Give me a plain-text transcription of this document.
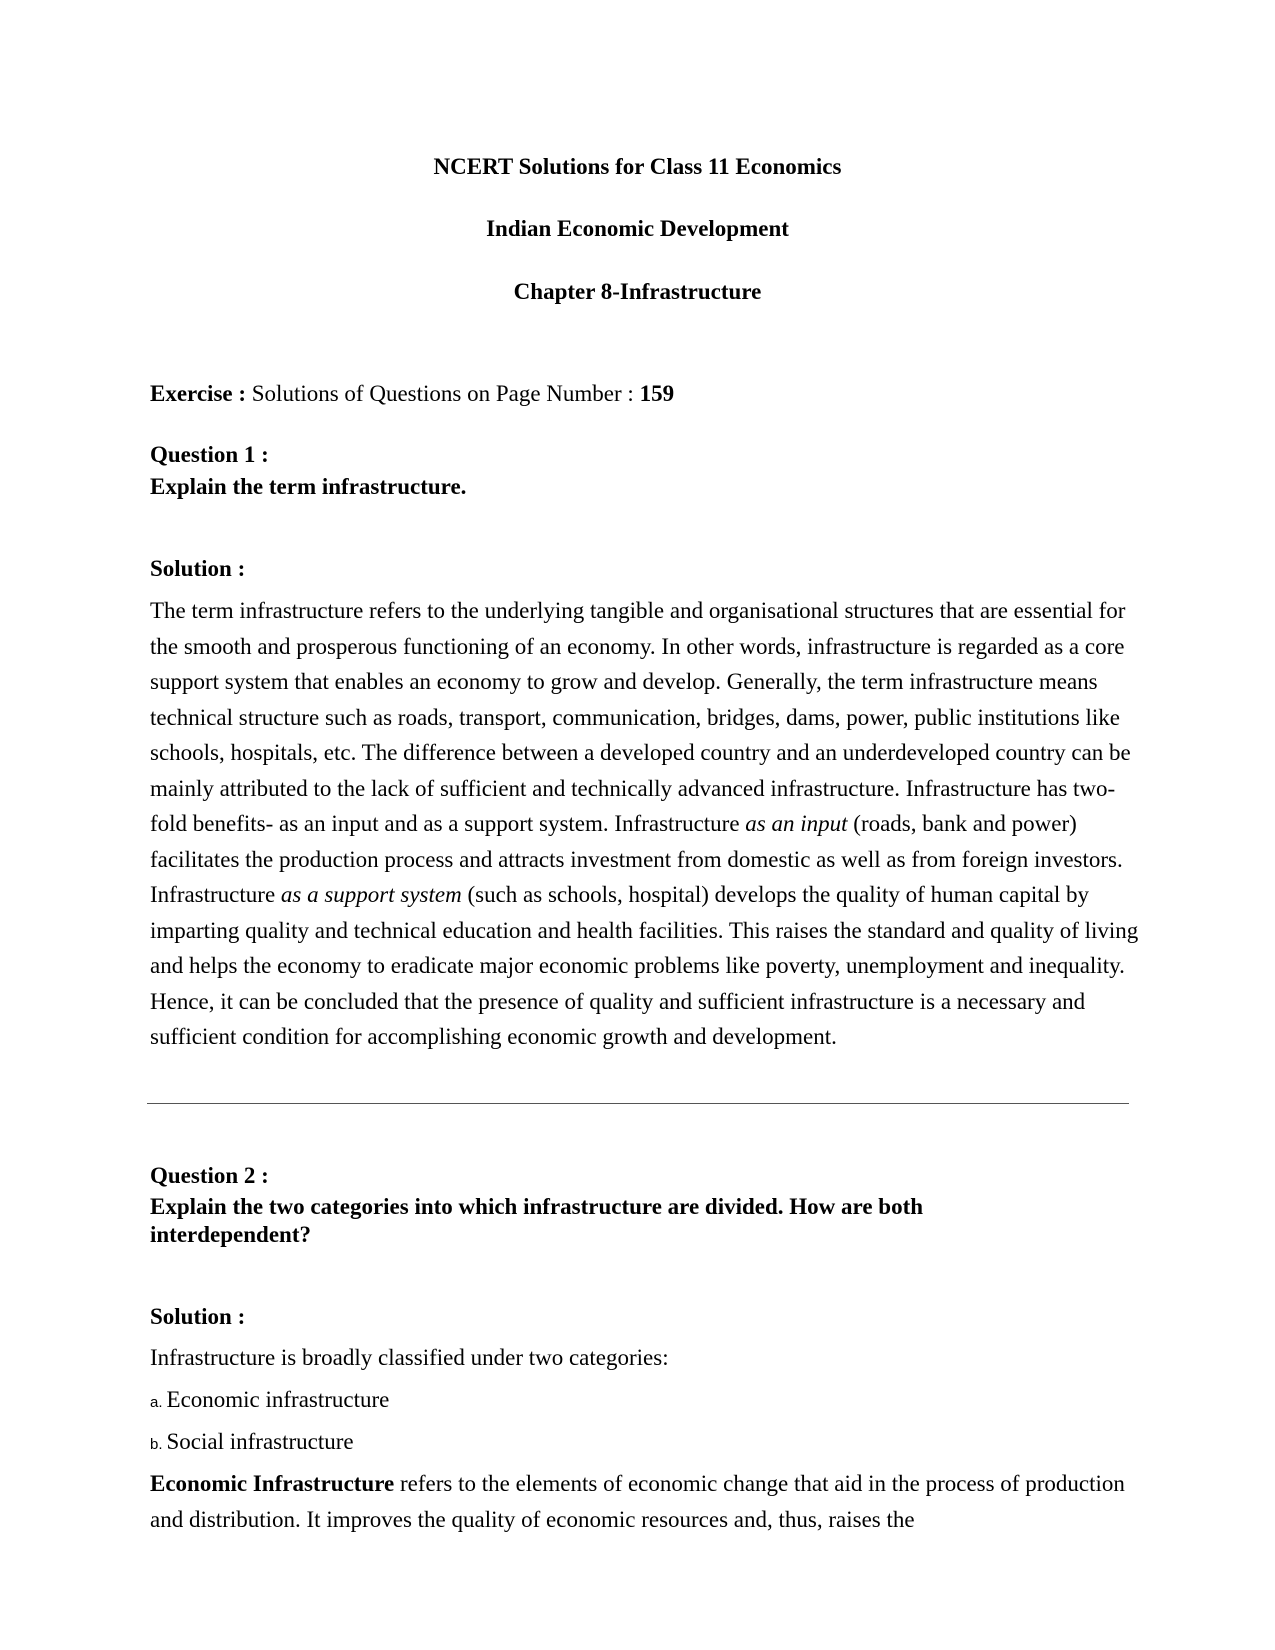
NCERT Solutions for Class 11 Economics
Indian Economic Development
Chapter 8-Infrastructure
Exercise : Solutions of Questions on Page Number : 159
Question 1 :
Explain the term infrastructure.
Solution :
The term infrastructure refers to the underlying tangible and organisational structures that are essential for the smooth and prosperous functioning of an economy. In other words, infrastructure is regarded as a core support system that enables an economy to grow and develop. Generally, the term infrastructure means technical structure such as roads, transport, communication, bridges, dams, power, public institutions like schools, hospitals, etc. The difference between a developed country and an underdeveloped country can be mainly attributed to the lack of sufficient and technically advanced infrastructure. Infrastructure has two-fold benefits- as an input and as a support system. Infrastructure as an input (roads, bank and power) facilitates the production process and attracts investment from domestic as well as from foreign investors. Infrastructure as a support system (such as schools, hospital) develops the quality of human capital by imparting quality and technical education and health facilities. This raises the standard and quality of living and helps the economy to eradicate major economic problems like poverty, unemployment and inequality. Hence, it can be concluded that the presence of quality and sufficient infrastructure is a necessary and sufficient condition for accomplishing economic growth and development.
Question 2 :
Explain the two categories into which infrastructure are divided. How are both interdependent?
Solution :
Infrastructure is broadly classified under two categories:
a. Economic infrastructure
b. Social infrastructure
Economic Infrastructure refers to the elements of economic change that aid in the process of production and distribution. It improves the quality of economic resources and, thus, raises the
